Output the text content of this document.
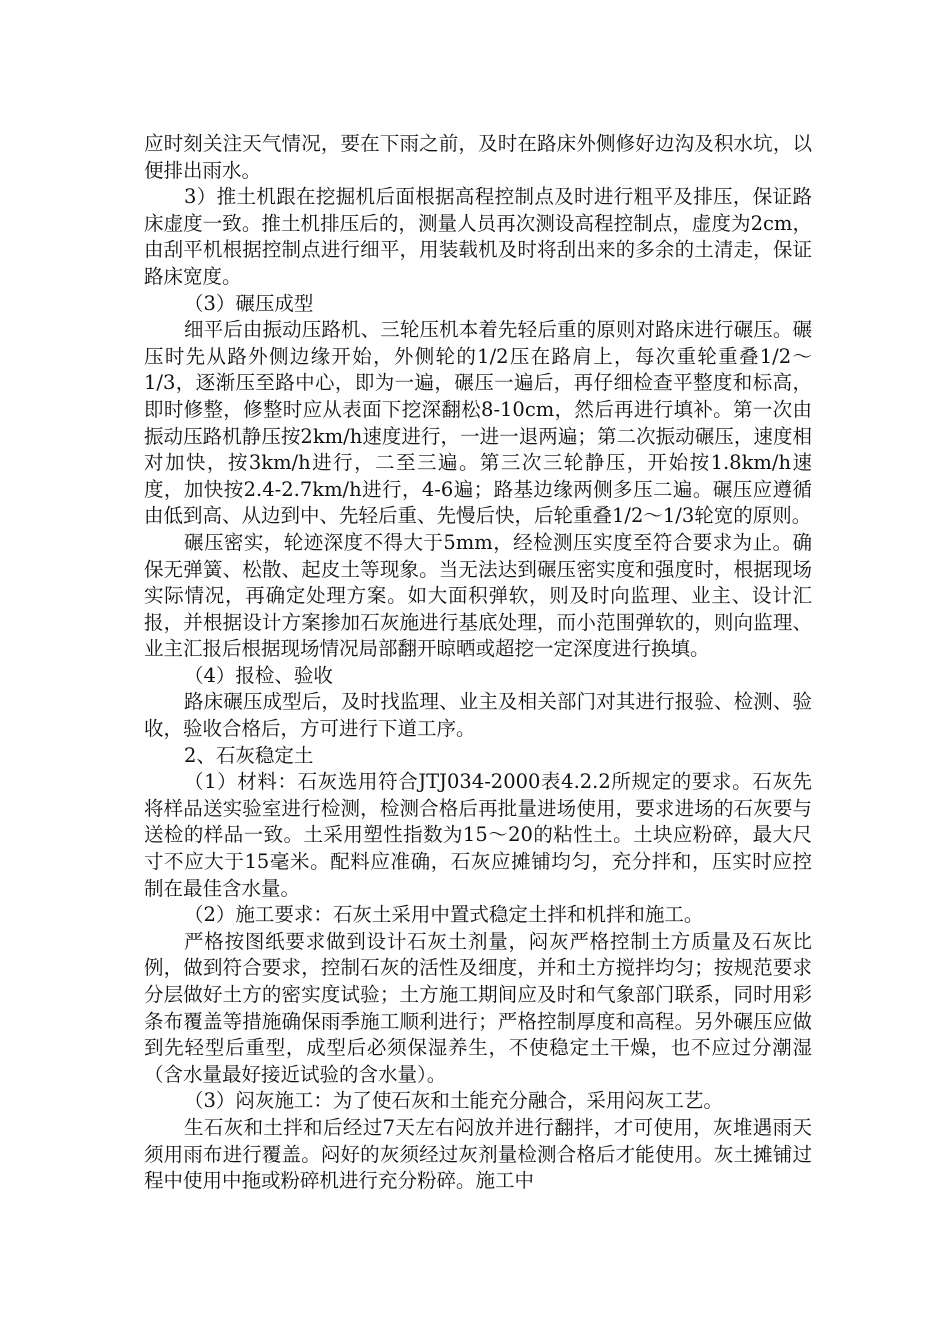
应时刻关注天气情况，要在下雨之前，及时在路床外侧修好边沟及积水坑，以便排出雨水。

3）推土机跟在挖掘机后面根据高程控制点及时进行粗平及排压，保证路床虚度一致。推土机排压后的，测量人员再次测设高程控制点，虚度为2cm，由刮平机根据控制点进行细平，用装载机及时将刮出来的多余的土清走，保证路床宽度。

（3）碾压成型

细平后由振动压路机、三轮压机本着先轻后重的原则对路床进行碾压。碾压时先从路外侧边缘开始，外侧轮的1/2压在路肩上，每次重轮重叠1/2～1/3，逐渐压至路中心，即为一遍，碾压一遍后，再仔细检查平整度和标高，即时修整，修整时应从表面下挖深翻松8-10cm，然后再进行填补。第一次由振动压路机静压按2km/h速度进行，一进一退两遍；第二次振动碾压，速度相对加快，按3km/h进行，二至三遍。第三次三轮静压，开始按1.8km/h速度，加快按2.4-2.7km/h进行，4-6遍；路基边缘两侧多压二遍。碾压应遵循由低到高、从边到中、先轻后重、先慢后快，后轮重叠1/2～1/3轮宽的原则。

碾压密实，轮迹深度不得大于5mm，经检测压实度至符合要求为止。确保无弹簧、松散、起皮土等现象。当无法达到碾压密实度和强度时，根据现场实际情况，再确定处理方案。如大面积弹软，则及时向监理、业主、设计汇报，并根据设计方案掺加石灰施进行基底处理，而小范围弹软的，则向监理、业主汇报后根据现场情况局部翻开晾晒或超挖一定深度进行换填。

（4）报检、验收

路床碾压成型后，及时找监理、业主及相关部门对其进行报验、检测、验收，验收合格后，方可进行下道工序。

2、石灰稳定土

（1）材料：石灰选用符合JTJ034-2000表4.2.2所规定的要求。石灰先将样品送实验室进行检测，检测合格后再批量进场使用，要求进场的石灰要与送检的样品一致。土采用塑性指数为15～20的粘性土。土块应粉碎，最大尺寸不应大于15毫米。配料应准确，石灰应摊铺均匀，充分拌和，压实时应控制在最佳含水量。

（2）施工要求：石灰土采用中置式稳定土拌和机拌和施工。

严格按图纸要求做到设计石灰土剂量，闷灰严格控制土方质量及石灰比例，做到符合要求，控制石灰的活性及细度，并和土方搅拌均匀；按规范要求分层做好土方的密实度试验；土方施工期间应及时和气象部门联系，同时用彩条布覆盖等措施确保雨季施工顺利进行；严格控制厚度和高程。另外碾压应做到先轻型后重型，成型后必须保湿养生，不使稳定土干燥，也不应过分潮湿（含水量最好接近试验的含水量）。

（3）闷灰施工：为了使石灰和土能充分融合，采用闷灰工艺。

生石灰和土拌和后经过7天左右闷放并进行翻拌，才可使用，灰堆遇雨天须用雨布进行覆盖。闷好的灰须经过灰剂量检测合格后才能使用。灰土摊铺过程中使用中拖或粉碎机进行充分粉碎。施工中
